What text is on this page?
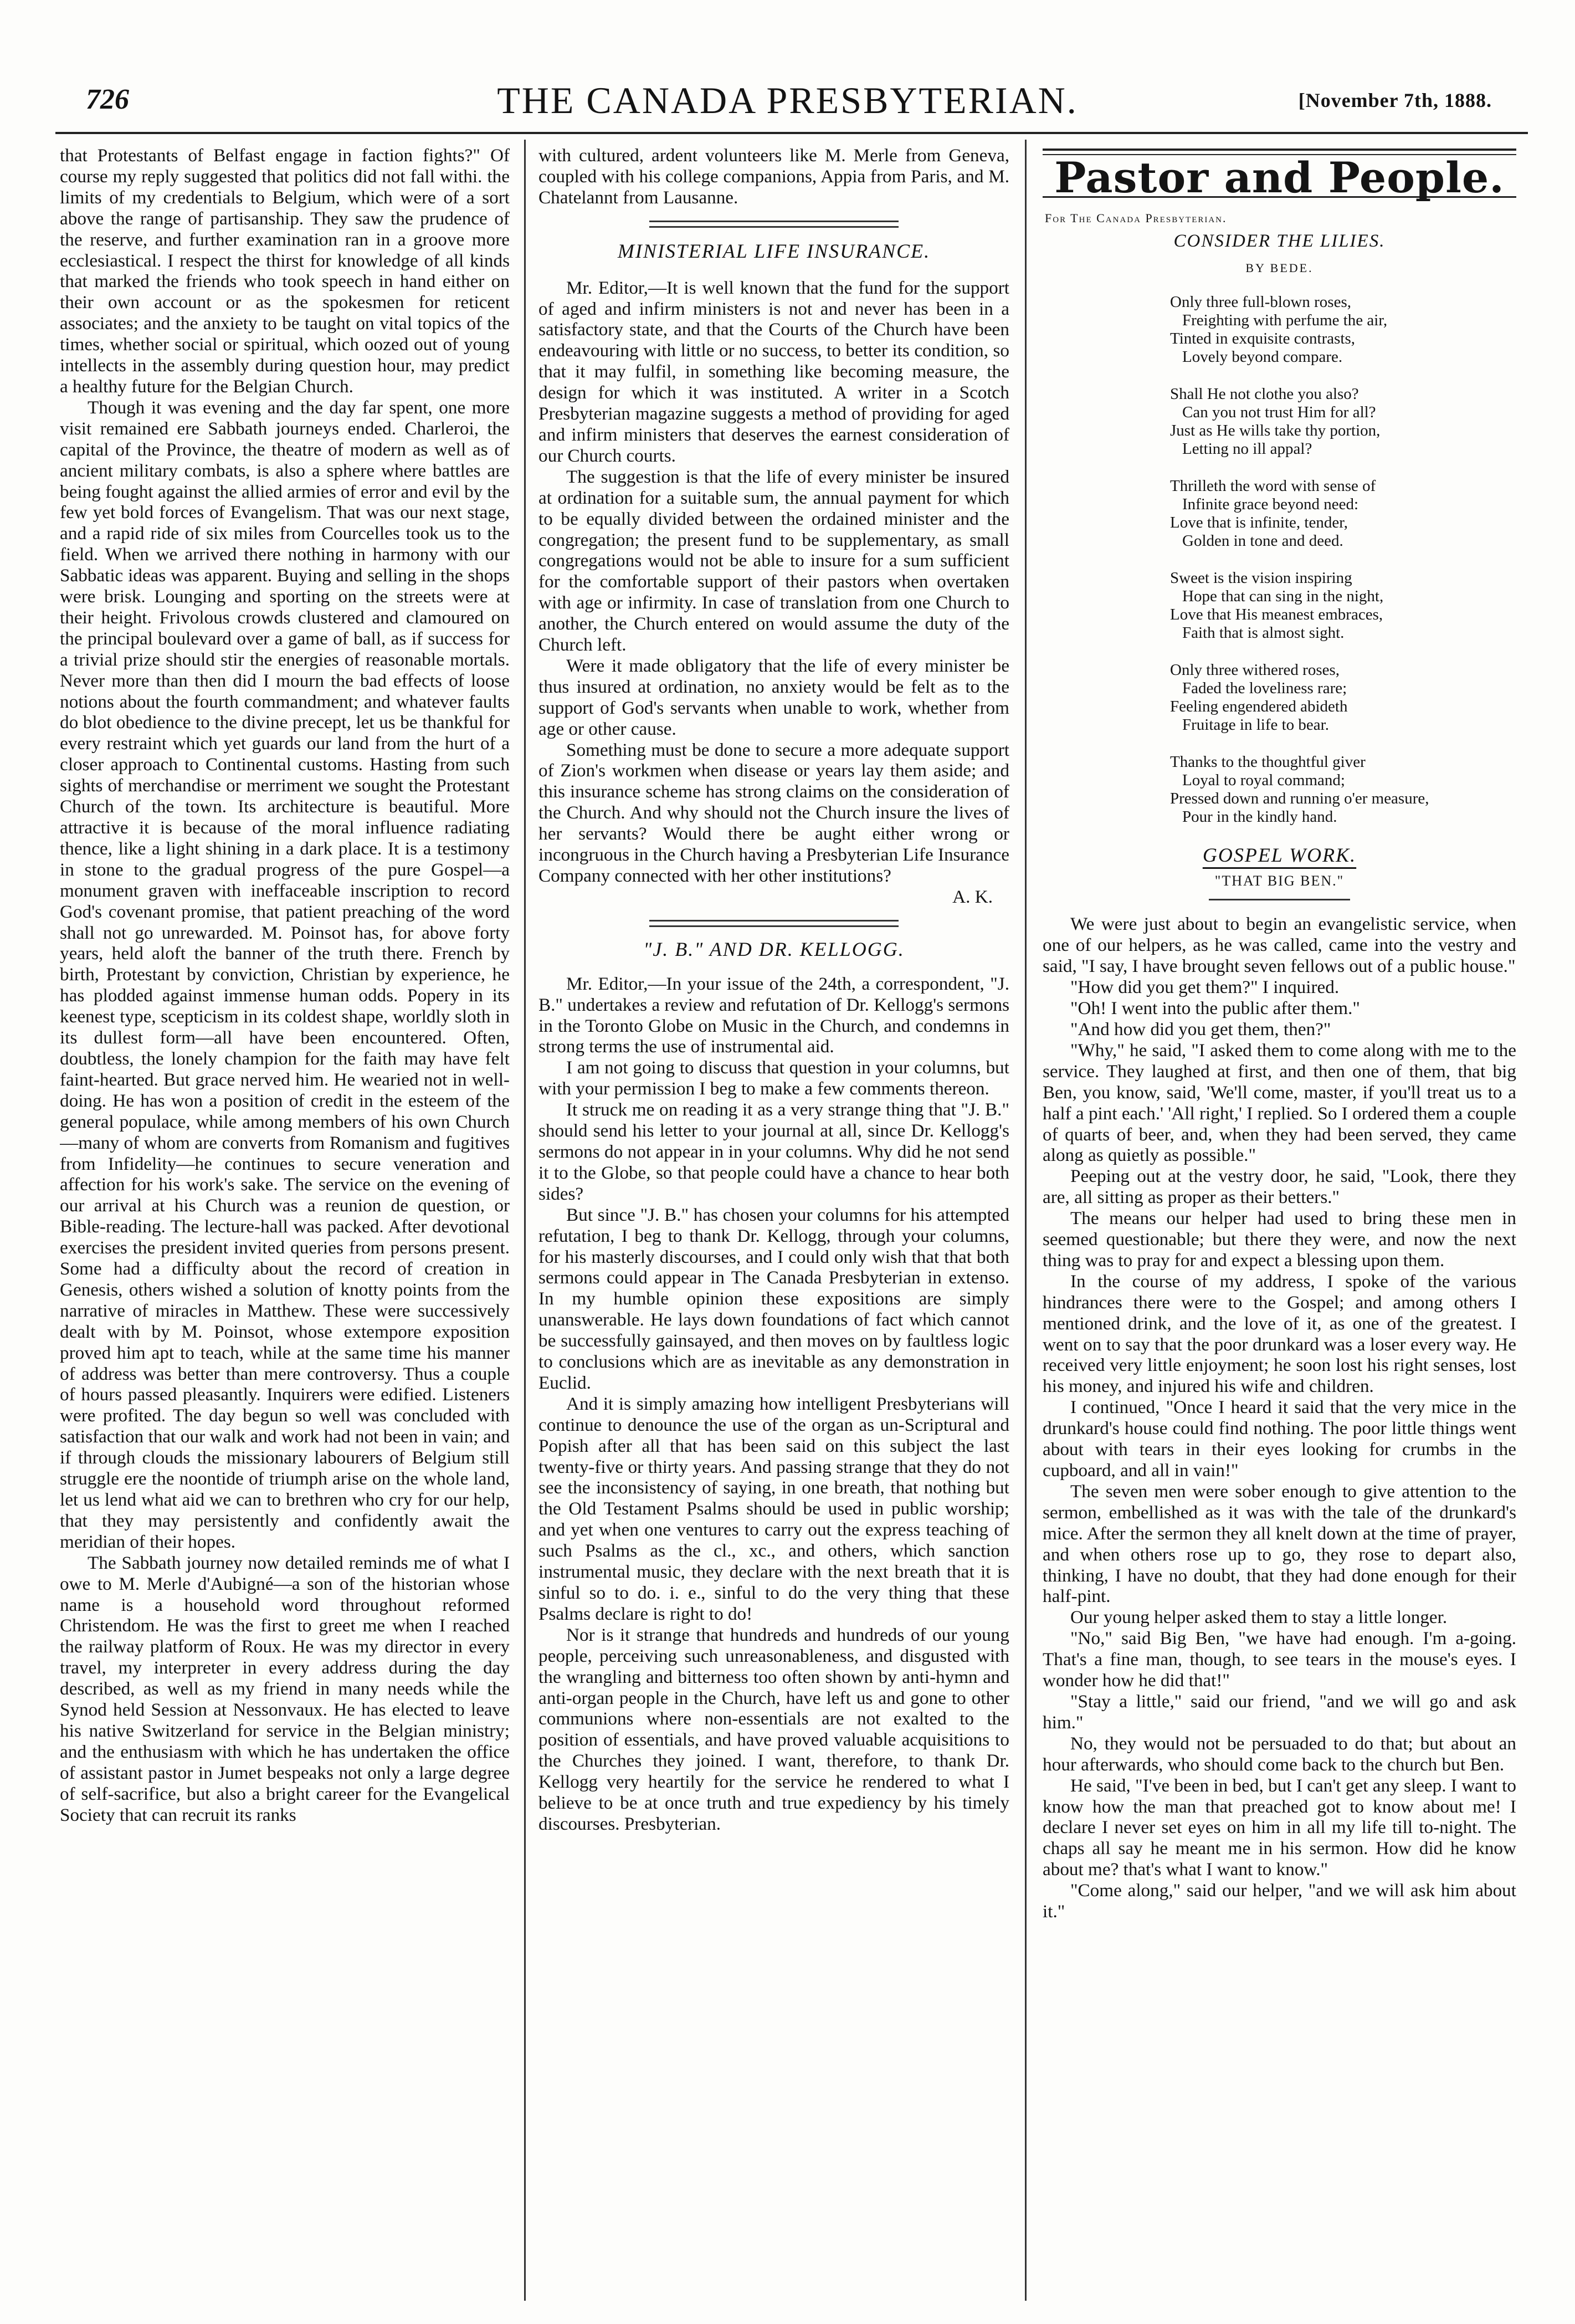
726	THE CANADA PRESBYTERIAN.	[November 7th, 1888.

that Protestants of Belfast engage in faction fights?" Of course my reply suggested that politics did not fall withi. the limits of my credentials to Belgium, which were of a sort above the range of partisanship. They saw the prudence of the reserve, and further examination ran in a groove more ecclesiastical. I respect the thirst for knowledge of all kinds that marked the friends who took speech in hand either on their own account or as the spokesmen for reticent associates; and the anxiety to be taught on vital topics of the times, whether social or spiritual, which oozed out of young intellects in the assembly during question hour, may predict a healthy future for the Belgian Church.

Though it was evening and the day far spent, one more visit remained ere Sabbath journeys ended. Charleroi, the capital of the Province, the theatre of modern as well as of ancient military combats, is also a sphere where battles are being fought against the allied armies of error and evil by the few yet bold forces of Evangelism. That was our next stage, and a rapid ride of six miles from Courcelles took us to the field. When we arrived there nothing in harmony with our Sabbatic ideas was apparent. Buying and selling in the shops were brisk. Lounging and sporting on the streets were at their height. Frivolous crowds clustered and clamoured on the principal boulevard over a game of ball, as if success for a trivial prize should stir the energies of reasonable mortals. Never more than then did I mourn the bad effects of loose notions about the fourth commandment; and whatever faults do blot obedience to the divine precept, let us be thankful for every restraint which yet guards our land from the hurt of a closer approach to Continental customs. Hasting from such sights of merchandise or merriment we sought the Protestant Church of the town. Its architecture is beautiful. More attractive it is because of the moral influence radiating thence, like a light shining in a dark place. It is a testimony in stone to the gradual progress of the pure Gospel—a monument graven with ineffaceable inscription to record God's covenant promise, that patient preaching of the word shall not go unrewarded. M. Poinsot has, for above forty years, held aloft the banner of the truth there. French by birth, Protestant by conviction, Christian by experience, he has plodded against immense human odds. Popery in its keenest type, scepticism in its coldest shape, worldly sloth in its dullest form—all have been encountered. Often, doubtless, the lonely champion for the faith may have felt faint-hearted. But grace nerved him. He wearied not in well-doing. He has won a position of credit in the esteem of the general populace, while among members of his own Church—many of whom are converts from Romanism and fugitives from Infidelity—he continues to secure veneration and affection for his work's sake. The service on the evening of our arrival at his Church was a reunion de question, or Bible-reading. The lecture-hall was packed. After devotional exercises the president invited queries from persons present. Some had a difficulty about the record of creation in Genesis, others wished a solution of knotty points from the narrative of miracles in Matthew. These were successively dealt with by M. Poinsot, whose extempore exposition proved him apt to teach, while at the same time his manner of address was better than mere controversy. Thus a couple of hours passed pleasantly. Inquirers were edified. Listeners were profited. The day begun so well was concluded with satisfaction that our walk and work had not been in vain; and if through clouds the missionary labourers of Belgium still struggle ere the noontide of triumph arise on the whole land, let us lend what aid we can to brethren who cry for our help, that they may persistently and confidently await the meridian of their hopes.

The Sabbath journey now detailed reminds me of what I owe to M. Merle d'Aubigné—a son of the historian whose name is a household word throughout reformed Christendom. He was the first to greet me when I reached the railway platform of Roux. He was my director in every travel, my interpreter in every address during the day described, as well as my friend in many needs while the Synod held Session at Nessonvaux. He has elected to leave his native Switzerland for service in the Belgian ministry; and the enthusiasm with which he has undertaken the office of assistant pastor in Jumet bespeaks not only a large degree of self-sacrifice, but also a bright career for the Evangelical Society that can recruit its ranks

with cultured, ardent volunteers like M. Merle from Geneva, coupled with his college companions, Appia from Paris, and M. Chatelannt from Lausanne.

MINISTERIAL LIFE INSURANCE.

Mr. Editor,—It is well known that the fund for the support of aged and infirm ministers is not and never has been in a satisfactory state, and that the Courts of the Church have been endeavouring with little or no success, to better its condition, so that it may fulfil, in something like becoming measure, the design for which it was instituted. A writer in a Scotch Presbyterian magazine suggests a method of providing for aged and infirm ministers that deserves the earnest consideration of our Church courts.

The suggestion is that the life of every minister be insured at ordination for a suitable sum, the annual payment for which to be equally divided between the ordained minister and the congregation; the present fund to be supplementary, as small congregations would not be able to insure for a sum sufficient for the comfortable support of their pastors when overtaken with age or infirmity. In case of translation from one Church to another, the Church entered on would assume the duty of the Church left.

Were it made obligatory that the life of every minister be thus insured at ordination, no anxiety would be felt as to the support of God's servants when unable to work, whether from age or other cause.

Something must be done to secure a more adequate support of Zion's workmen when disease or years lay them aside; and this insurance scheme has strong claims on the consideration of the Church. And why should not the Church insure the lives of her servants? Would there be aught either wrong or incongruous in the Church having a Presbyterian Life Insurance Company connected with her other institutions?

A. K.
"J. B." AND DR. KELLOGG.

Mr. Editor,—In your issue of the 24th, a correspondent, "J. B." undertakes a review and refutation of Dr. Kellogg's sermons in the Toronto Globe on Music in the Church, and condemns in strong terms the use of instrumental aid.

I am not going to discuss that question in your columns, but with your permission I beg to make a few comments thereon.

It struck me on reading it as a very strange thing that "J. B." should send his letter to your journal at all, since Dr. Kellogg's sermons do not appear in in your columns. Why did he not send it to the Globe, so that people could have a chance to hear both sides?

But since "J. B." has chosen your columns for his attempted refutation, I beg to thank Dr. Kellogg, through your columns, for his masterly discourses, and I could only wish that that both sermons could appear in The Canada Presbyterian in extenso. In my humble opinion these expositions are simply unanswerable. He lays down foundations of fact which cannot be successfully gainsayed, and then moves on by faultless logic to conclusions which are as inevitable as any demonstration in Euclid.

And it is simply amazing how intelligent Presbyterians will continue to denounce the use of the organ as un-Scriptural and Popish after all that has been said on this subject the last twenty-five or thirty years. And passing strange that they do not see the inconsistency of saying, in one breath, that nothing but the Old Testament Psalms should be used in public worship; and yet when one ventures to carry out the express teaching of such Psalms as the cl., xc., and others, which sanction instrumental music, they declare with the next breath that it is sinful so to do. i. e., sinful to do the very thing that these Psalms declare is right to do!

Nor is it strange that hundreds and hundreds of our young people, perceiving such unreasonableness, and disgusted with the wrangling and bitterness too often shown by anti-hymn and anti-organ people in the Church, have left us and gone to other communions where non-essentials are not exalted to the position of essentials, and have proved valuable acquisitions to the Churches they joined. I want, therefore, to thank Dr. Kellogg very heartily for the service he rendered to what I believe to be at once truth and true expediency by his timely discourses. Presbyterian.

Pastor and People.
For The Canada Presbyterian.
CONSIDER THE LILIES.
BY BEDE.
Only three full-blown roses,
Freighting with perfume the air,
Tinted in exquisite contrasts,
Lovely beyond compare.
Shall He not clothe you also?
Can you not trust Him for all?
Just as He wills take thy portion,
Letting no ill appal?
Thrilleth the word with sense of
Infinite grace beyond need:
Love that is infinite, tender,
Golden in tone and deed.
Sweet is the vision inspiring
Hope that can sing in the night,
Love that His meanest embraces,
Faith that is almost sight.
Only three withered roses,
Faded the loveliness rare;
Feeling engendered abideth
Fruitage in life to bear.
Thanks to the thoughtful giver
Loyal to royal command;
Pressed down and running o'er measure,
Pour in the kindly hand.
GOSPEL WORK.
"THAT BIG BEN."

We were just about to begin an evangelistic service, when one of our helpers, as he was called, came into the vestry and said, "I say, I have brought seven fellows out of a public house."

"How did you get them?" I inquired.

"Oh! I went into the public after them."

"And how did you get them, then?"

"Why," he said, "I asked them to come along with me to the service. They laughed at first, and then one of them, that big Ben, you know, said, 'We'll come, master, if you'll treat us to a half a pint each.' 'All right,' I replied. So I ordered them a couple of quarts of beer, and, when they had been served, they came along as quietly as possible."

Peeping out at the vestry door, he said, "Look, there they are, all sitting as proper as their betters."

The means our helper had used to bring these men in seemed questionable; but there they were, and now the next thing was to pray for and expect a blessing upon them.

In the course of my address, I spoke of the various hindrances there were to the Gospel; and among others I mentioned drink, and the love of it, as one of the greatest. I went on to say that the poor drunkard was a loser every way. He received very little enjoyment; he soon lost his right senses, lost his money, and injured his wife and children.

I continued, "Once I heard it said that the very mice in the drunkard's house could find nothing. The poor little things went about with tears in their eyes looking for crumbs in the cupboard, and all in vain!"

The seven men were sober enough to give attention to the sermon, embellished as it was with the tale of the drunkard's mice. After the sermon they all knelt down at the time of prayer, and when others rose up to go, they rose to depart also, thinking, I have no doubt, that they had done enough for their half-pint.

Our young helper asked them to stay a little longer.

"No," said Big Ben, "we have had enough. I'm a-going. That's a fine man, though, to see tears in the mouse's eyes. I wonder how he did that!"

"Stay a little," said our friend, "and we will go and ask him."

No, they would not be persuaded to do that; but about an hour afterwards, who should come back to the church but Ben.

He said, "I've been in bed, but I can't get any sleep. I want to know how the man that preached got to know about me! I declare I never set eyes on him in all my life till to-night. The chaps all say he meant me in his sermon. How did he know about me? that's what I want to know."

"Come along," said our helper, "and we will ask him about it."
